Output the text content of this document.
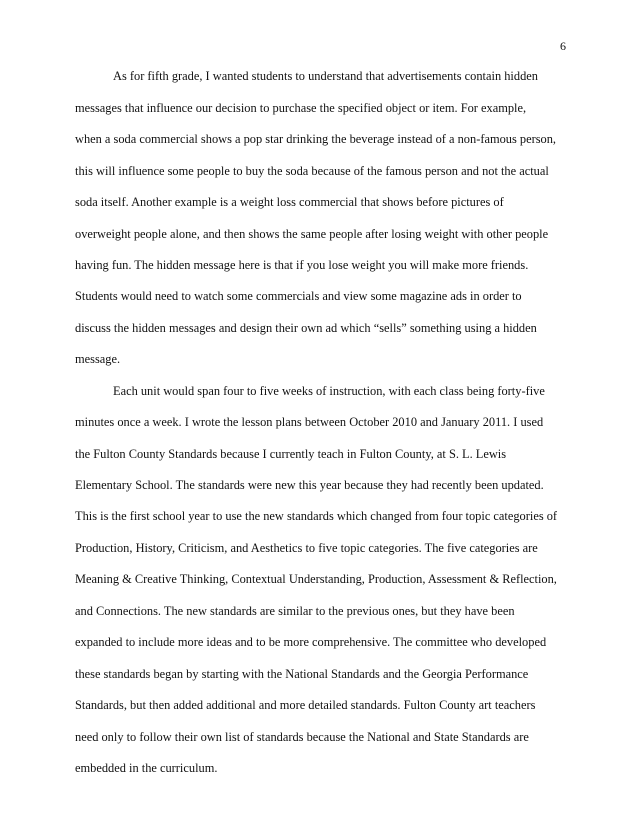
6
As for fifth grade, I wanted students to understand that advertisements contain hidden
messages that influence our decision to purchase the specified object or item. For example,
when a soda commercial shows a pop star drinking the beverage instead of a non-famous person,
this will influence some people to buy the soda because of the famous person and not the actual
soda itself. Another example is a weight loss commercial that shows before pictures of
overweight people alone, and then shows the same people after losing weight with other people
having fun. The hidden message here is that if you lose weight you will make more friends.
Students would need to watch some commercials and view some magazine ads in order to
discuss the hidden messages and design their own ad which “sells” something using a hidden
message.
Each unit would span four to five weeks of instruction, with each class being forty-five
minutes once a week. I wrote the lesson plans between October 2010 and January 2011. I used
the Fulton County Standards because I currently teach in Fulton County, at S. L. Lewis
Elementary School. The standards were new this year because they had recently been updated.
This is the first school year to use the new standards which changed from four topic categories of
Production, History, Criticism, and Aesthetics to five topic categories. The five categories are
Meaning & Creative Thinking, Contextual Understanding, Production, Assessment & Reflection,
and Connections. The new standards are similar to the previous ones, but they have been
expanded to include more ideas and to be more comprehensive. The committee who developed
these standards began by starting with the National Standards and the Georgia Performance
Standards, but then added additional and more detailed standards. Fulton County art teachers
need only to follow their own list of standards because the National and State Standards are
embedded in the curriculum.
